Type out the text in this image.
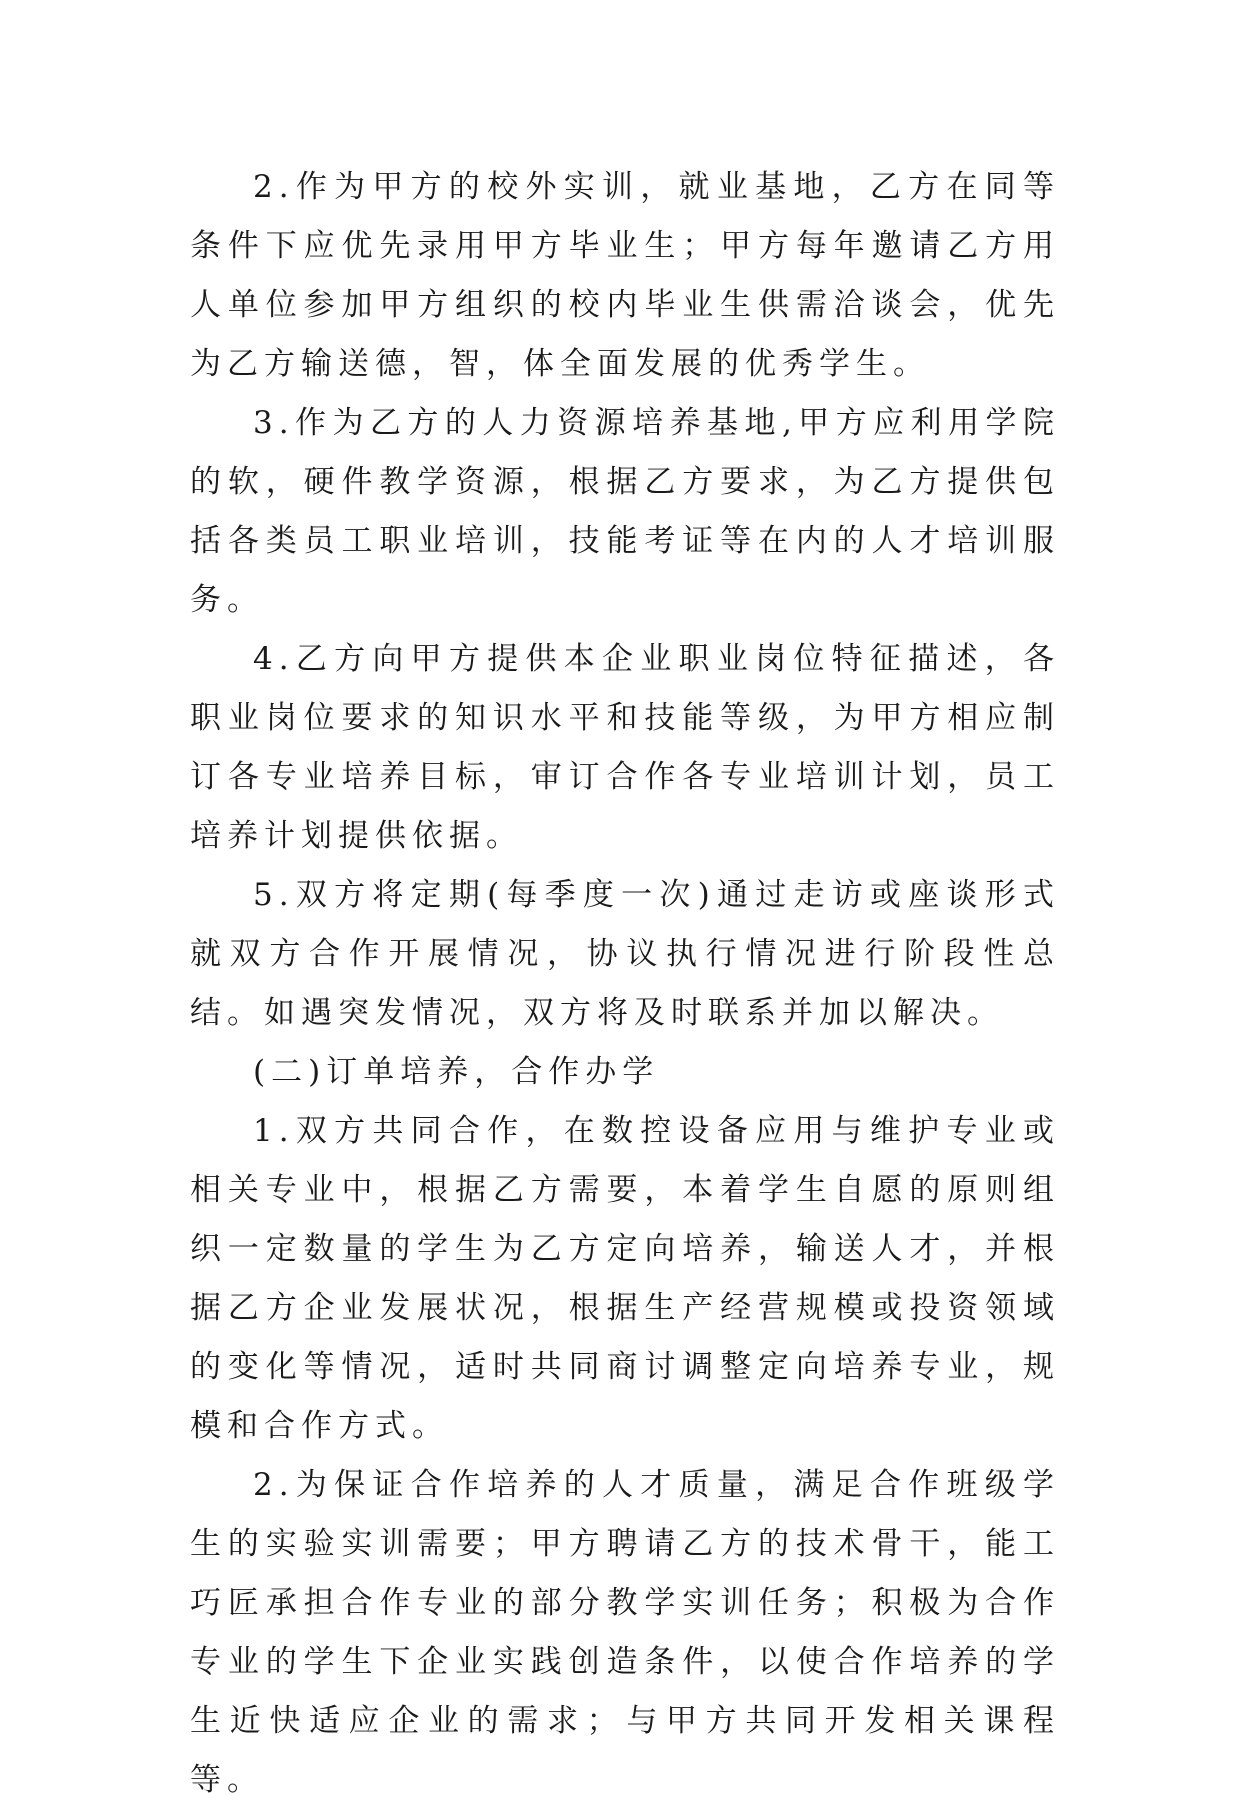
2.作为甲方的校外实训，就业基地，乙方在同等条件下应优先录用甲方毕业生；甲方每年邀请乙方用人单位参加甲方组织的校内毕业生供需洽谈会，优先为乙方输送德，智，体全面发展的优秀学生。

3.作为乙方的人力资源培养基地,甲方应利用学院的软，硬件教学资源，根据乙方要求，为乙方提供包括各类员工职业培训，技能考证等在内的人才培训服务。

4.乙方向甲方提供本企业职业岗位特征描述，各职业岗位要求的知识水平和技能等级，为甲方相应制订各专业培养目标，审订合作各专业培训计划，员工培养计划提供依据。

5.双方将定期(每季度一次)通过走访或座谈形式就双方合作开展情况，协议执行情况进行阶段性总结。如遇突发情况，双方将及时联系并加以解决。

(二)订单培养，合作办学

1.双方共同合作，在数控设备应用与维护专业或相关专业中，根据乙方需要，本着学生自愿的原则组织一定数量的学生为乙方定向培养，输送人才，并根据乙方企业发展状况，根据生产经营规模或投资领域的变化等情况，适时共同商讨调整定向培养专业，规模和合作方式。

2.为保证合作培养的人才质量，满足合作班级学生的实验实训需要；甲方聘请乙方的技术骨干，能工巧匠承担合作专业的部分教学实训任务；积极为合作专业的学生下企业实践创造条件，以使合作培养的学生近快适应企业的需求；与甲方共同开发相关课程等。
